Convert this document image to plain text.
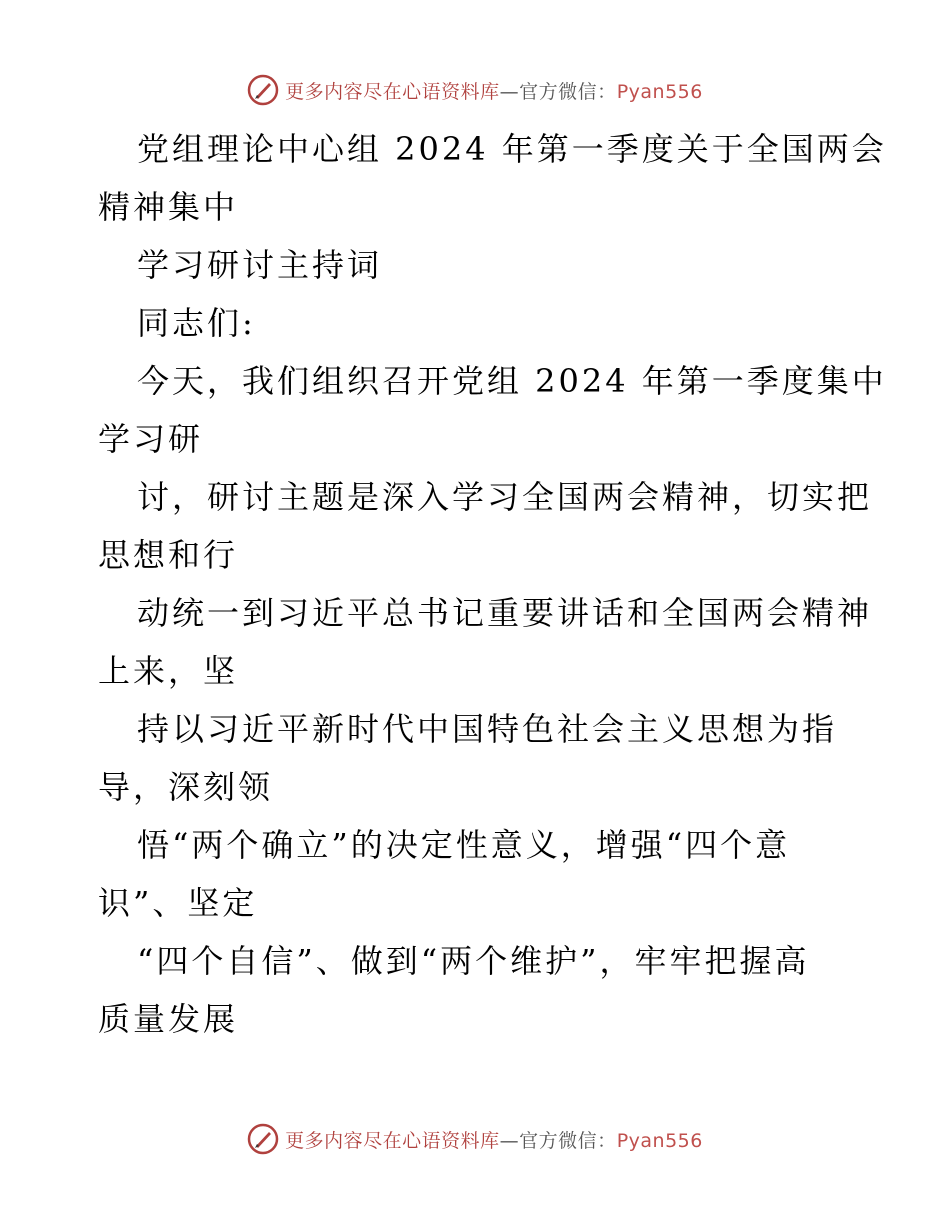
更多内容尽在心语资料库—官方微信：Pyan556

党组理论中心组 2024 年第一季度关于全国两会
精神集中
学习研讨主持词
同志们:
今天，我们组织召开党组 2024 年第一季度集中
学习研
讨，研讨主题是深入学习全国两会精神，切实把
思想和行
动统一到习近平总书记重要讲话和全国两会精神
上来，坚
持以习近平新时代中国特色社会主义思想为指
导，深刻领
悟“两个确立”的决定性意义，增强“四个意
识”、坚定
“四个自信”、做到“两个维护”，牢牢把握高
质量发展

更多内容尽在心语资料库—官方微信：Pyan556
